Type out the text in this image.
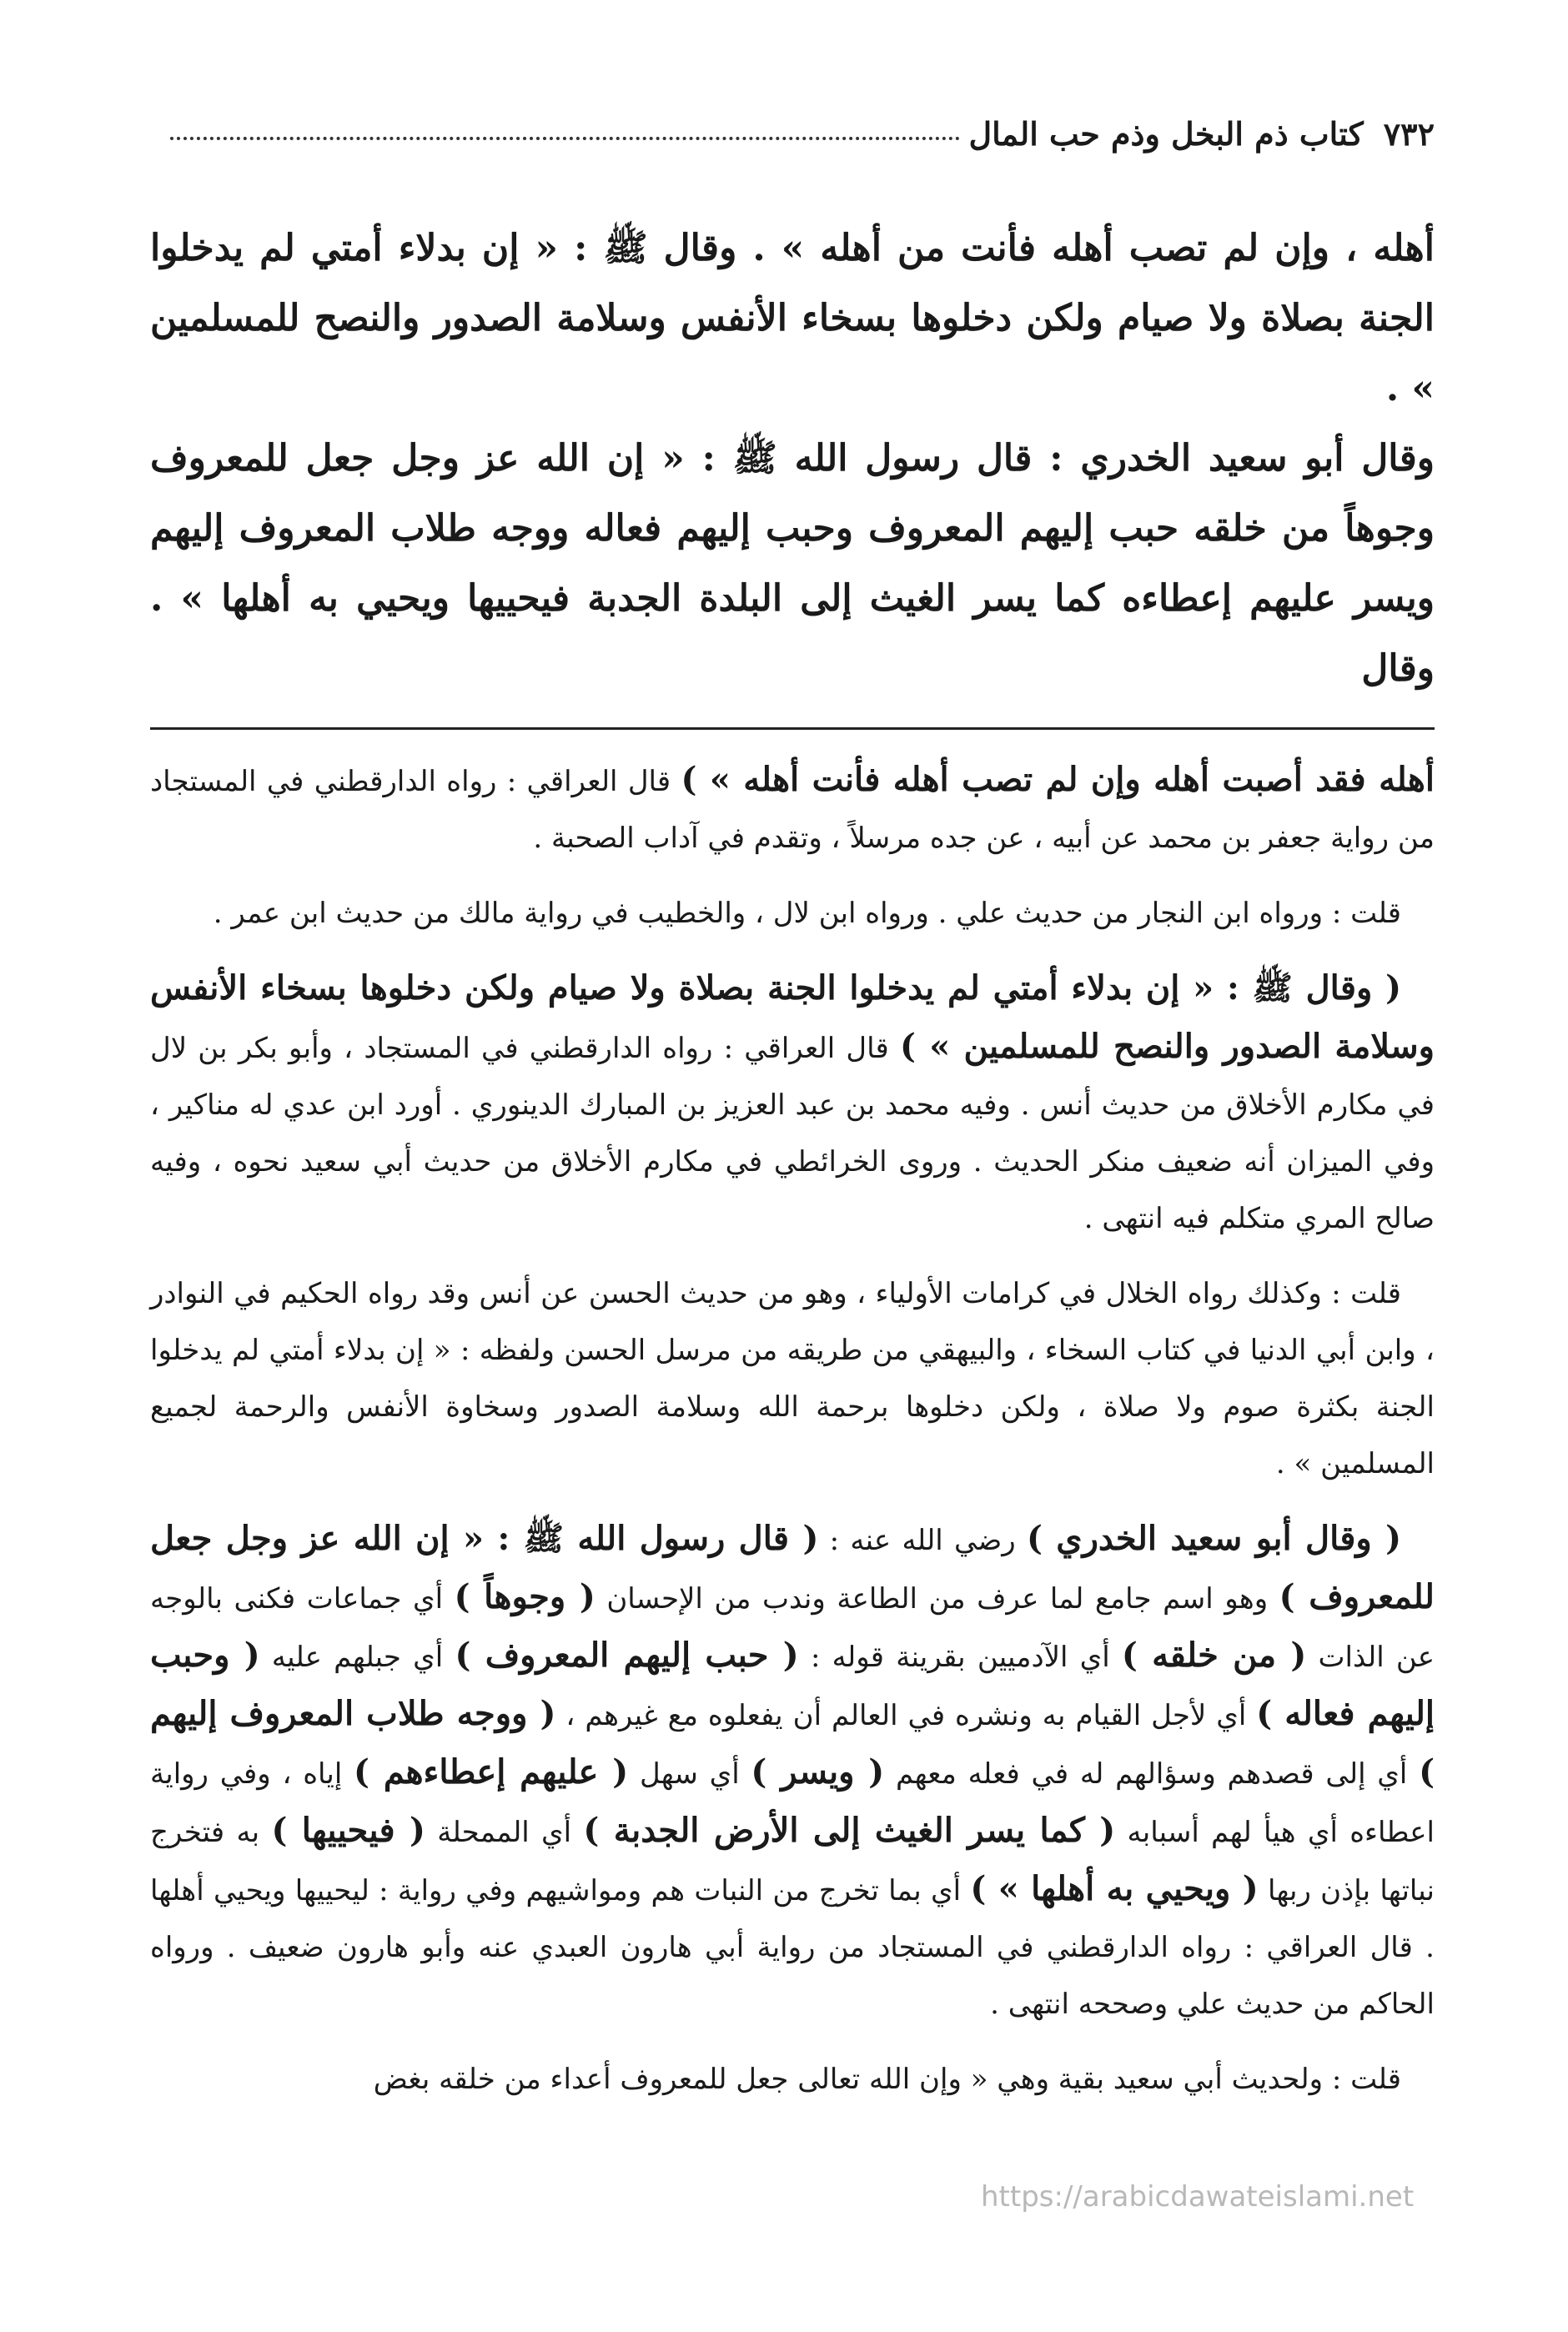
٧٣٢
كتاب ذم البخل وذم حب المال

أهله ، وإن لم تصب أهله فأنت من أهله » . وقال ﷺ : « إن بدلاء أمتي لم يدخلوا الجنة بصلاة ولا صيام ولكن دخلوها بسخاء الأنفس وسلامة الصدور والنصح للمسلمين » .

وقال أبو سعيد الخدري : قال رسول الله ﷺ : « إن الله عز وجل جعل للمعروف وجوهاً من خلقه حبب إليهم المعروف وحبب إليهم فعاله ووجه طلاب المعروف إليهم ويسر عليهم إعطاءه كما يسر الغيث إلى البلدة الجدبة فيحييها ويحيي به أهلها » . وقال

أهله فقد أصبت أهله وإن لم تصب أهله فأنت أهله » ) قال العراقي : رواه الدارقطني في المستجاد من رواية جعفر بن محمد عن أبيه ، عن جده مرسلاً ، وتقدم في آداب الصحبة .

قلت : ورواه ابن النجار من حديث علي . ورواه ابن لال ، والخطيب في رواية مالك من حديث ابن عمر .

( وقال ﷺ : « إن بدلاء أمتي لم يدخلوا الجنة بصلاة ولا صيام ولكن دخلوها بسخاء الأنفس وسلامة الصدور والنصح للمسلمين » ) قال العراقي : رواه الدارقطني في المستجاد ، وأبو بكر بن لال في مكارم الأخلاق من حديث أنس . وفيه محمد بن عبد العزيز بن المبارك الدينوري . أورد ابن عدي له مناكير ، وفي الميزان أنه ضعيف منكر الحديث . وروى الخرائطي في مكارم الأخلاق من حديث أبي سعيد نحوه ، وفيه صالح المري متكلم فيه انتهى .

قلت : وكذلك رواه الخلال في كرامات الأولياء ، وهو من حديث الحسن عن أنس وقد رواه الحكيم في النوادر ، وابن أبي الدنيا في كتاب السخاء ، والبيهقي من طريقه من مرسل الحسن ولفظه : « إن بدلاء أمتي لم يدخلوا الجنة بكثرة صوم ولا صلاة ، ولكن دخلوها برحمة الله وسلامة الصدور وسخاوة الأنفس والرحمة لجميع المسلمين » .

( وقال أبو سعيد الخدري ) رضي الله عنه : ( قال رسول الله ﷺ : « إن الله عز وجل جعل للمعروف ) وهو اسم جامع لما عرف من الطاعة وندب من الإحسان ( وجوهاً ) أي جماعات فكنى بالوجه عن الذات ( من خلقه ) أي الآدميين بقرينة قوله : ( حبب إليهم المعروف ) أي جبلهم عليه ( وحبب إليهم فعاله ) أي لأجل القيام به ونشره في العالم أن يفعلوه مع غيرهم ، ( ووجه طلاب المعروف إليهم ) أي إلى قصدهم وسؤالهم له في فعله معهم ( ويسر ) أي سهل ( عليهم إعطاءهم ) إياه ، وفي رواية اعطاءه أي هيأ لهم أسبابه ( كما يسر الغيث إلى الأرض الجدبة ) أي الممحلة ( فيحييها ) به فتخرج نباتها بإذن ربها ( ويحيي به أهلها » ) أي بما تخرج من النبات هم ومواشيهم وفي رواية : ليحييها ويحيي أهلها . قال العراقي : رواه الدارقطني في المستجاد من رواية أبي هارون العبدي عنه وأبو هارون ضعيف . ورواه الحاكم من حديث علي وصححه انتهى .

قلت : ولحديث أبي سعيد بقية وهي « وإن الله تعالى جعل للمعروف أعداء من خلقه بغض

https://arabicdawateislami.net
